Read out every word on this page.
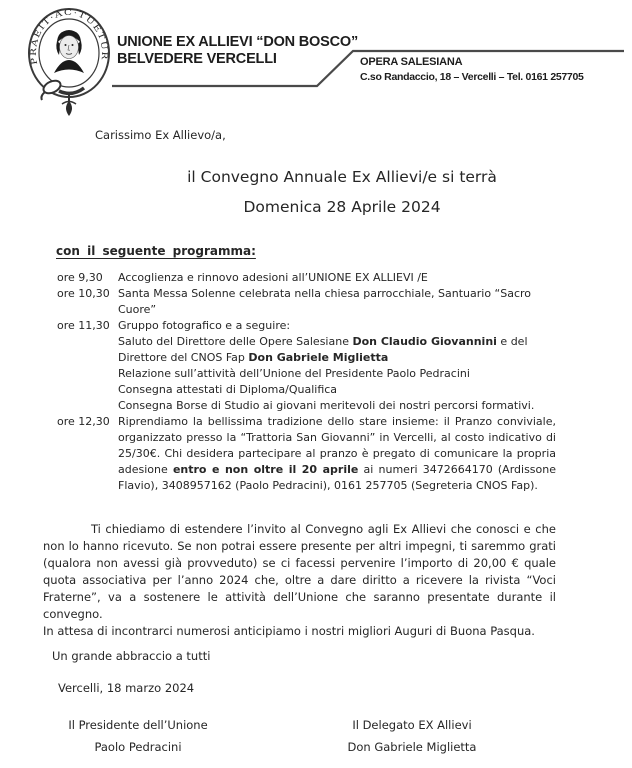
PRAEIT·AC·TUETUR
UNIONE EX ALLIEVI “DON BOSCO”
BELVEDERE VERCELLI	OPERA SALESIANA
C.so Randaccio, 18 – Vercelli – Tel. 0161 257705
Carissimo Ex Allievo/a,
il Convegno Annuale Ex Allievi/e si terrà
Domenica 28 Aprile 2024
con il seguente programma:
ore 9,30	Accoglienza e rinnovo adesioni all’UNIONE EX ALLIEVI /E
ore 10,30 Santa Messa Solenne celebrata nella chiesa parrocchiale, Santuario “Sacro Cuore”
ore 11,30 Gruppo fotografico e a seguire:
Saluto del Direttore delle Opere Salesiane Don Claudio Giovannini e del
Direttore del CNOS Fap Don Gabriele Miglietta
Relazione sull’attività dell’Unione del Presidente Paolo Pedracini
Consegna attestati di Diploma/Qualifica
Consegna Borse di Studio ai giovani meritevoli dei nostri percorsi formativi.
ore 12,30 Riprendiamo la bellissima tradizione dello stare insieme: il Pranzo conviviale, organizzato presso la “Trattoria San Giovanni” in Vercelli, al costo indicativo di 25/30€. Chi desidera partecipare al pranzo è pregato di comunicare la propria adesione entro e non oltre il 20 aprile ai numeri 3472664170 (Ardissone Flavio), 3408957162 (Paolo Pedracini), 0161 257705 (Segreteria CNOS Fap).

Ti chiediamo di estendere l’invito al Convegno agli Ex Allievi che conosci e che non lo hanno ricevuto. Se non potrai essere presente per altri impegni, ti saremmo grati (qualora non avessi già provveduto) se ci facessi pervenire l’importo di 20,00 € quale quota associativa per l’anno 2024 che, oltre a dare diritto a ricevere la rivista “Voci Fraterne”, va a sostenere le attività dell’Unione che saranno presentate durante il convegno.

In attesa di incontrarci numerosi anticipiamo i nostri migliori Auguri di Buona Pasqua.

Un grande abbraccio a tutti
Vercelli, 18 marzo 2024
Il Presidente dell’Unione
Paolo Pedracini
Il Delegato EX Allievi
Don Gabriele Miglietta
